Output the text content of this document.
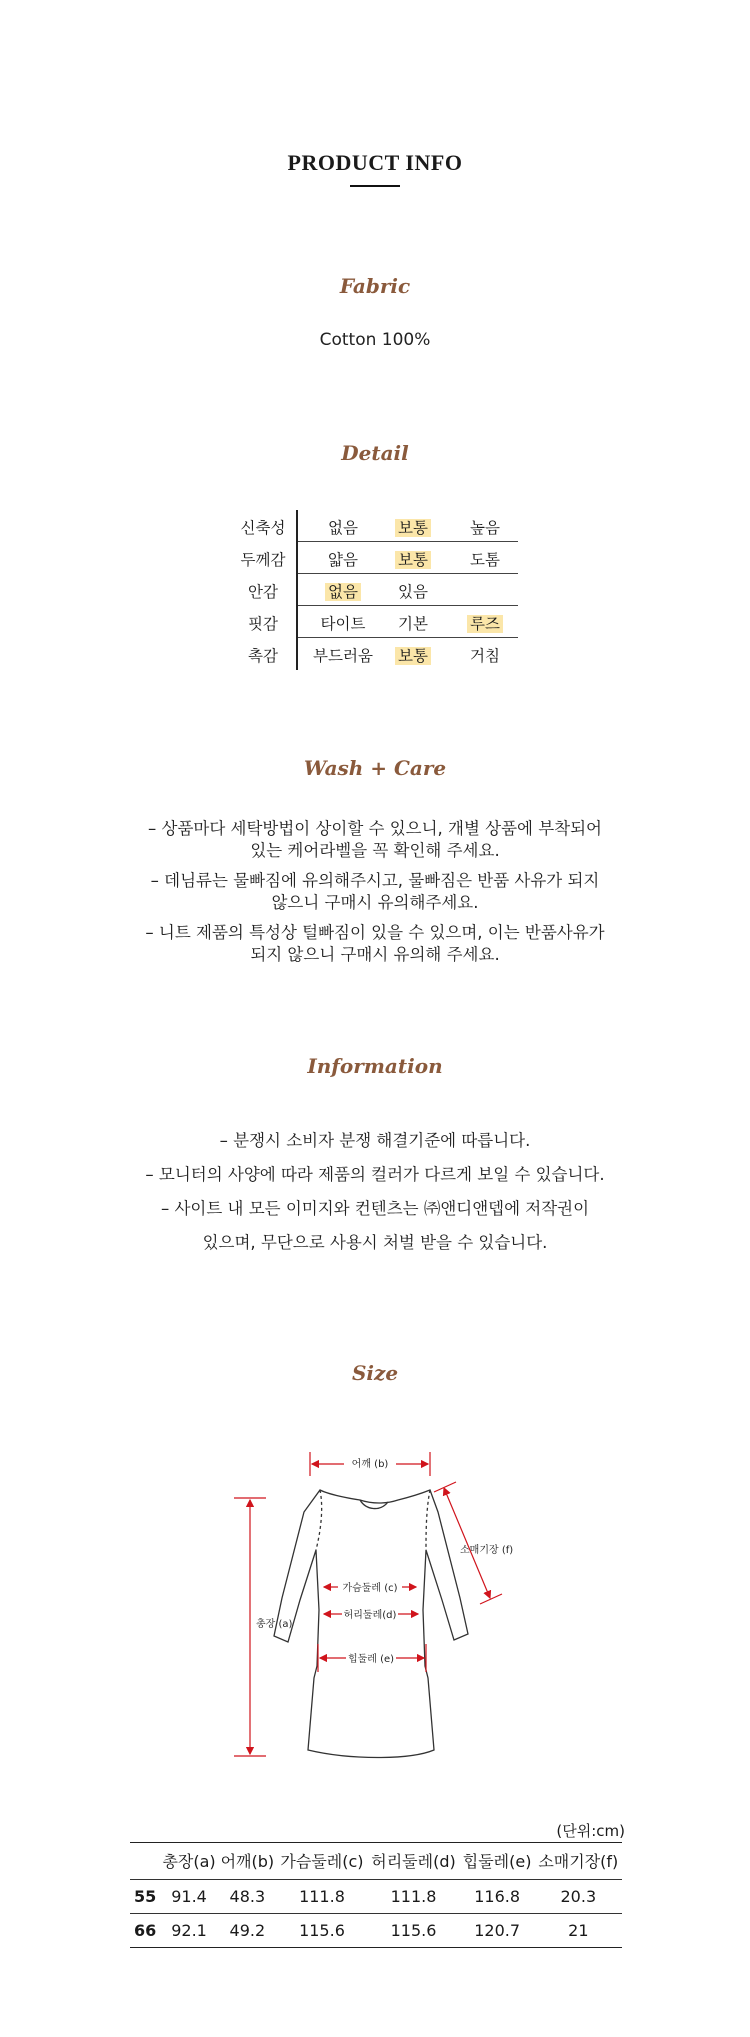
PRODUCT INFO
Fabric
Cotton 100%
Detail
신축성	없음	보통	높음
두께감	얇음	보통	도톰
안감	없음	있음
핏감	타이트	기본	루즈
촉감	부드러움	보통	거침
Wash + Care
– 상품마다 세탁방법이 상이할 수 있으니, 개별 상품에 부착되어
있는 케어라벨을 꼭 확인해 주세요.
– 데님류는 물빠짐에 유의해주시고, 물빠짐은 반품 사유가 되지
않으니 구매시 유의해주세요.
– 니트 제품의 특성상 털빠짐이 있을 수 있으며, 이는 반품사유가
되지 않으니 구매시 유의해 주세요.
Information
– 분쟁시 소비자 분쟁 해결기준에 따릅니다.
– 모니터의 사양에 따라 제품의 컬러가 다르게 보일 수 있습니다.
– 사이트 내 모든 이미지와 컨텐츠는 ㈜앤디앤뎁에 저작권이
있으며, 무단으로 사용시 처벌 받을 수 있습니다.
Size
어깨 (b)
소매기장 (f)
가슴둘레 (c)
허리둘레(d)
힙둘레 (e)
총장 (a)
(단위:cm)
	총장(a)	어깨(b)	가슴둘레(c)	허리둘레(d)	힙둘레(e)	소매기장(f)
55	91.4	48.3	111.8	111.8	116.8	20.3
66	92.1	49.2	115.6	115.6	120.7	21
